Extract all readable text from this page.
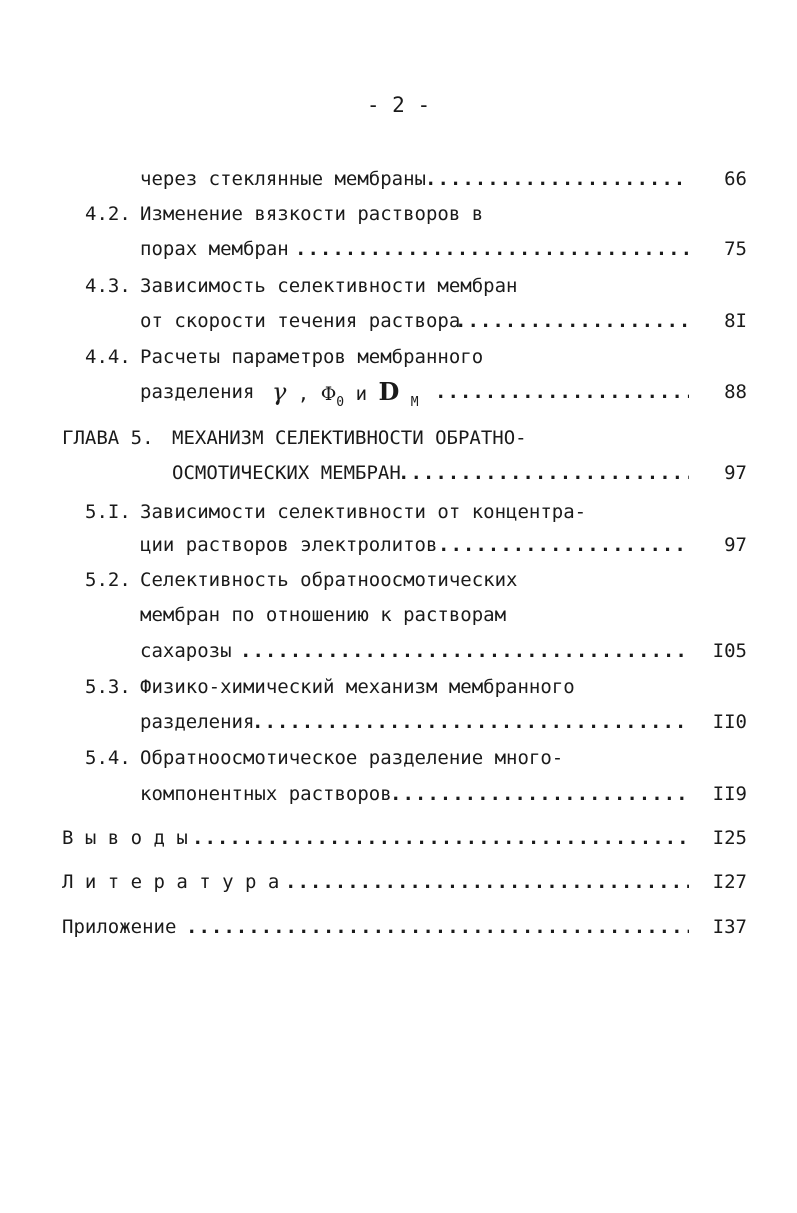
- 2 -
через стеклянные мембраны .....	66
4.2. Изменение вязкости растворов в
порах мембран .....	75
4.3. Зависимость селективности мембран
от скорости течения раствора .....	8I
4.4. Расчеты параметров мембранного
разделения γ , $\Phi_0$ и D $_М$ .....	88
ГЛАВА 5. МЕХАНИЗМ СЕЛЕКТИВНОСТИ ОБРАТНО-
ОСМОТИЧЕСКИХ МЕМБРАН .....	97
5.I. Зависимости селективности от концентра-
ции растворов электролитов .....	97
5.2. Селективность обратноосмотических
мембран по отношению к растворам
сахарозы .....	I05
5.3. Физико-химический механизм мембранного
разделения .....	II0
5.4. Обратноосмотическое разделение много-
компонентных растворов .....	II9
В ы в о д ы .....	I25
Л и т е р а т у р а .....	I27
Приложение .....	I37
